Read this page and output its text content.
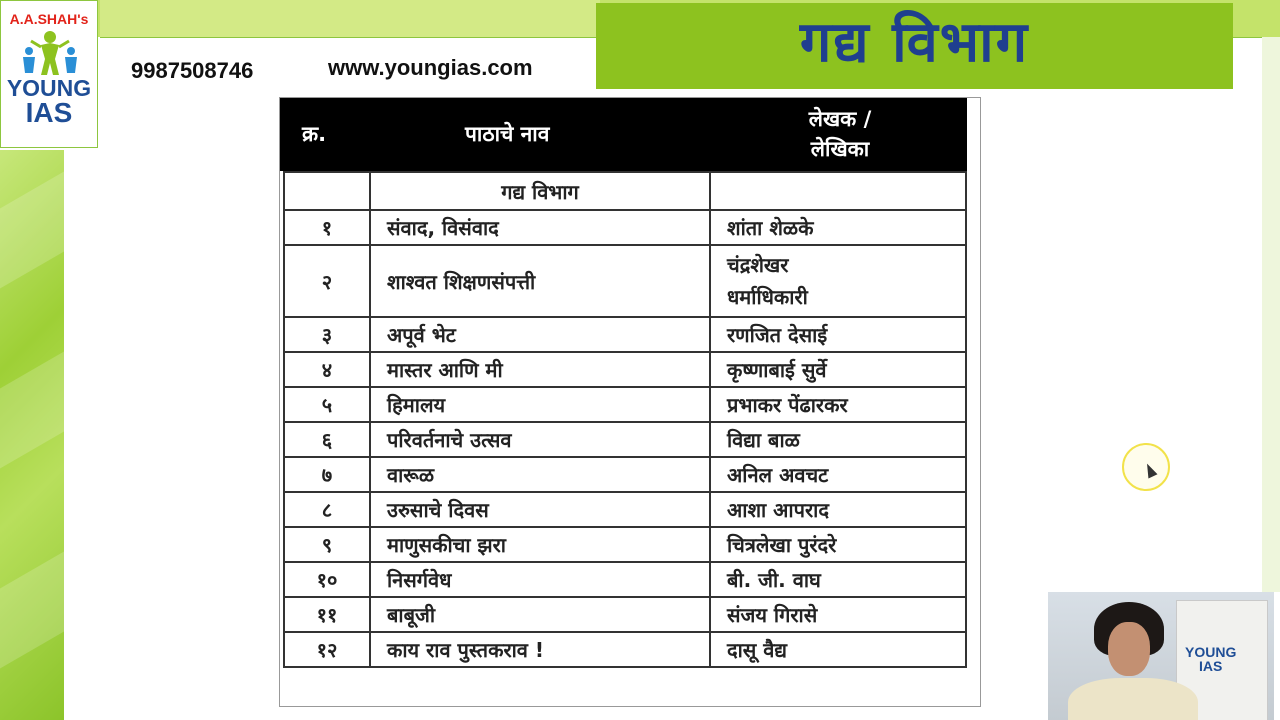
A.A.SHAH's
YOUNG
IAS
9987508746	www.youngias.com	गद्य विभाग
क्र.	पाठाचे नाव
लेखक /
लेखिका
	गद्य विभाग	
१	संवाद, विसंवाद	शांता शेळके
२	शाश्वत शिक्षणसंपत्ती	चंद्रशेखर
धर्माधिकारी

३	अपूर्व भेट	रणजित देसाई
४	मास्तर आणि मी	कृष्णाबाई सुर्वे
५	हिमालय	प्रभाकर पेंढारकर
६	परिवर्तनाचे उत्सव	विद्या बाळ
७	वारूळ	अनिल अवचट
८	उरुसाचे दिवस	आशा आपराद
९	माणुसकीचा झरा	चित्रलेखा पुरंदरे
१०	निसर्गवेध	बी. जी. वाघ
११	बाबूजी	संजय गिरासे
१२	काय राव पुस्तकराव !	दासू वैद्य	YOUNG
IAS
